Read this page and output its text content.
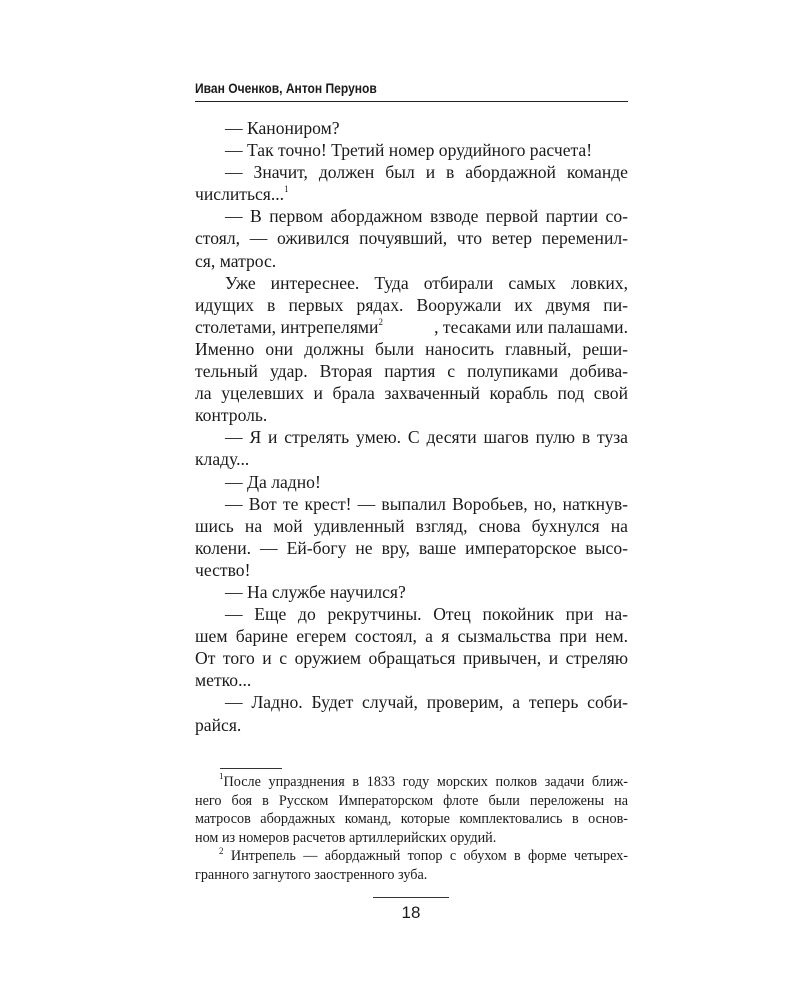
Иван Оченков, Антон Перунов
— Канониром?
— Так точно! Третий номер орудийного расчета!
— Значит, должен был и в абордажной команде
числиться...$^1$
— В первом абордажном взводе первой партии со-
стоял, — оживился почуявший, что ветер переменил-
ся, матрос.
Уже интереснее. Туда отбирали самых ловких,
идущих в первых рядах. Вооружали их двумя пи-
столетами, интрепелями$^2$	, тесаками или палашами.
Именно они должны были наносить главный, реши-
тельный удар. Вторая партия с полупиками добива-
ла уцелевших и брала захваченный корабль под свой
контроль.
— Я и стрелять умею. С десяти шагов пулю в туза
кладу...
— Да ладно!
— Вот те крест! — выпалил Воробьев, но, наткнув-
шись на мой удивленный взгляд, снова бухнулся на
колени. — Ей-богу не вру, ваше императорское высо-
чество!
— На службе научился?
— Еще до рекрутчины. Отец покойник при на-
шем барине егерем состоял, а я сызмальства при нем.
От того и с оружием обращаться привычен, и стреляю
метко...
— Ладно. Будет случай, проверим, а теперь соби-
райся.
$^1$После упразднения в 1833 году морских полков задачи ближ-
него боя в Русском Императорском флоте были переложены на
матросов абордажных команд, которые комплектовались в основ-
ном из номеров расчетов артиллерийских орудий.
$^2$ Интрепель — абордажный топор с обухом в форме четырех-
гранного загнутого заостренного зуба.
18
